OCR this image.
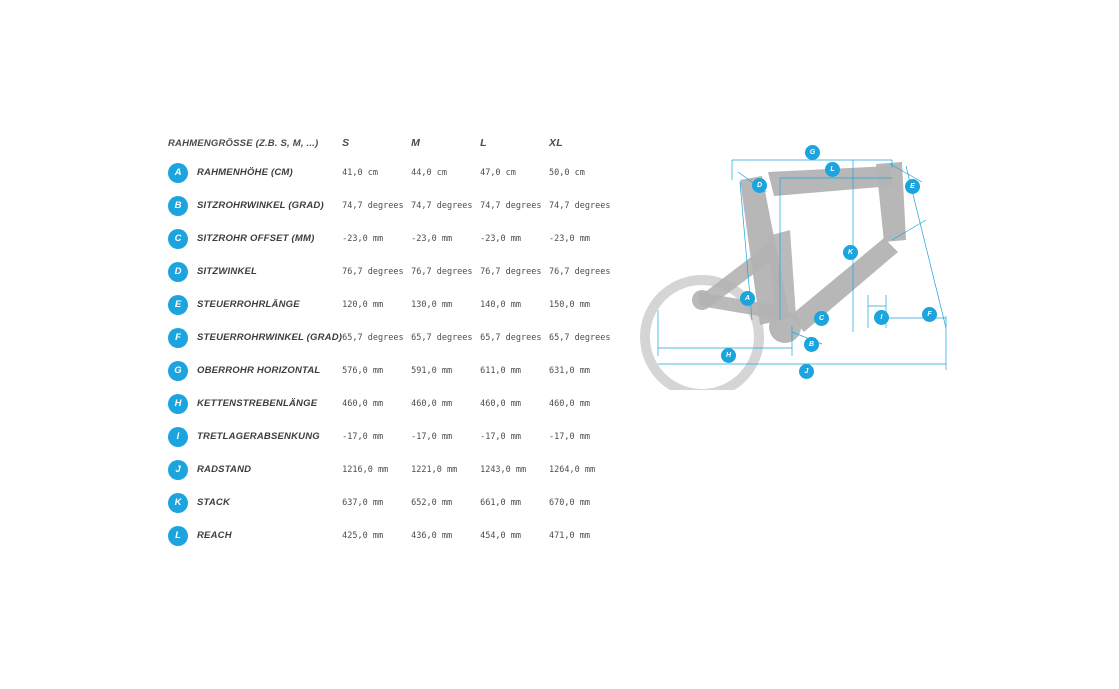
RAHMENGRÖSSE (Z.B. S, M, ...)	S	M	L	XL

A RAHMENHÖHE (CM)	41,0 cm	44,0 cm	47,0 cm	50,0 cm

B SITZROHRWINKEL (GRAD)	74,7 degrees	74,7 degrees	74,7 degrees	74,7 degrees

C SITZROHR OFFSET (MM)	-23,0 mm	-23,0 mm	-23,0 mm	-23,0 mm

D SITZWINKEL	76,7 degrees	76,7 degrees	76,7 degrees	76,7 degrees

E STEUERROHRLÄNGE	120,0 mm	130,0 mm	140,0 mm	150,0 mm

F STEUERROHRWINKEL (GRAD)	65,7 degrees	65,7 degrees	65,7 degrees	65,7 degrees

G OBERROHR HORIZONTAL	576,0 mm	591,0 mm	611,0 mm	631,0 mm

H KETTENSTREBENLÄNGE	460,0 mm	460,0 mm	460,0 mm	460,0 mm

I TRETLAGERABSENKUNG	-17,0 mm	-17,0 mm	-17,0 mm	-17,0 mm

J RADSTAND	1216,0 mm	1221,0 mm	1243,0 mm	1264,0 mm

K STACK	637,0 mm	652,0 mm	661,0 mm	670,0 mm

L REACH	425,0 mm	436,0 mm	454,0 mm	471,0 mm
G
L
D	E
A
K
C	I	F
B
H
J
